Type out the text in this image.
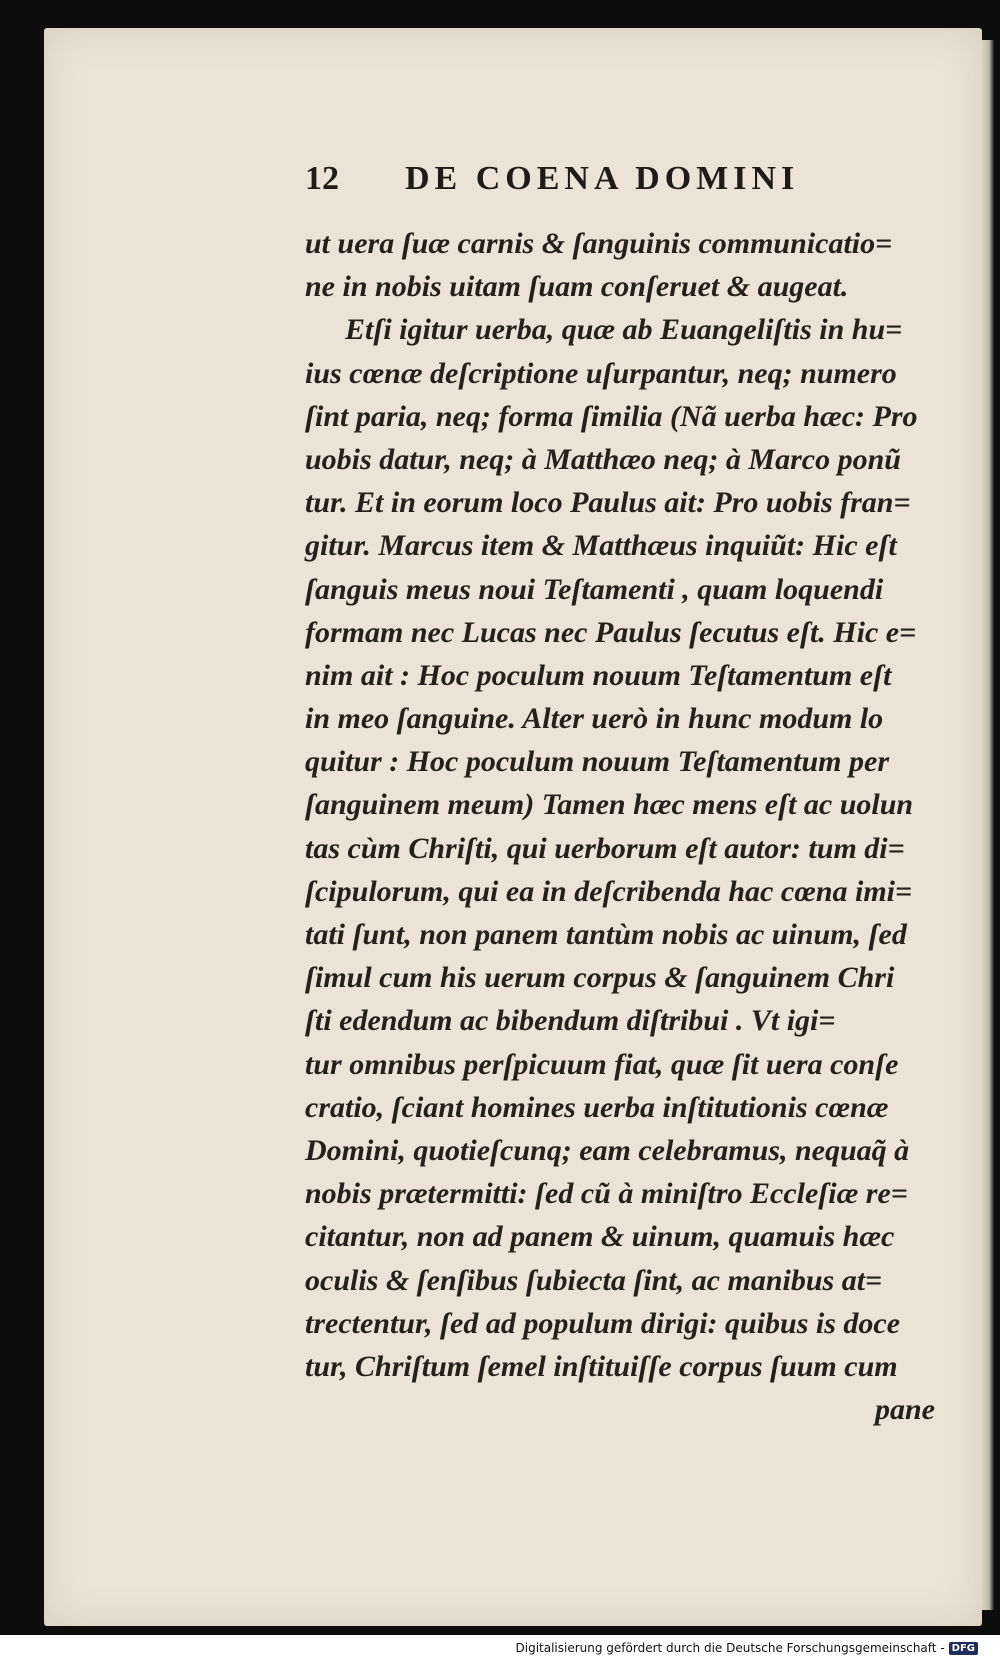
12 DE COENA DOMINI
ut uera ſuæ carnis & ſanguinis communicatio=
ne in nobis uitam ſuam conſeruet & augeat.
Etſi igitur uerba, quæ ab Euangeliſtis in hu=
ius cœnæ deſcriptione uſurpantur, neq; numero
ſint paria, neq; forma ſimilia (Nã uerba hæc: Pro
uobis datur, neq; à Matthæo neq; à Marco ponũ
tur. Et in eorum loco Paulus ait: Pro uobis fran=
gitur. Marcus item & Matthæus inquiũt: Hic eſt
ſanguis meus noui Teſtamenti , quam loquendi
formam nec Lucas nec Paulus ſecutus eſt. Hic e=
nim ait : Hoc poculum nouum Teſtamentum eſt
in meo ſanguine. Alter uerò in hunc modum lo
quitur : Hoc poculum nouum Teſtamentum per
ſanguinem meum) Tamen hæc mens eſt ac uolun
tas cùm Chriſti, qui uerborum eſt autor: tum di=
ſcipulorum, qui ea in deſcribenda hac cœna imi=
tati ſunt, non panem tantùm nobis ac uinum, ſed
ſimul cum his uerum corpus & ſanguinem Chri
ſti edendum ac bibendum diſtribui . Vt igi=
tur omnibus perſpicuum fiat, quæ ſit uera conſe
cratio, ſciant homines uerba inſtitutionis cœnæ
Domini, quotieſcunq; eam celebramus, nequaq̃ à
nobis prætermitti: ſed cũ à miniſtro Eccleſiæ re=
citantur, non ad panem & uinum, quamuis hæc
oculis & ſenſibus ſubiecta ſint, ac manibus at=
trectentur, ſed ad populum dirigi: quibus is doce
tur, Chriſtum ſemel inſtituiſſe corpus ſuum cum
pane
Digitalisierung gefördert durch die Deutsche Forschungsgemeinschaft - DFG
